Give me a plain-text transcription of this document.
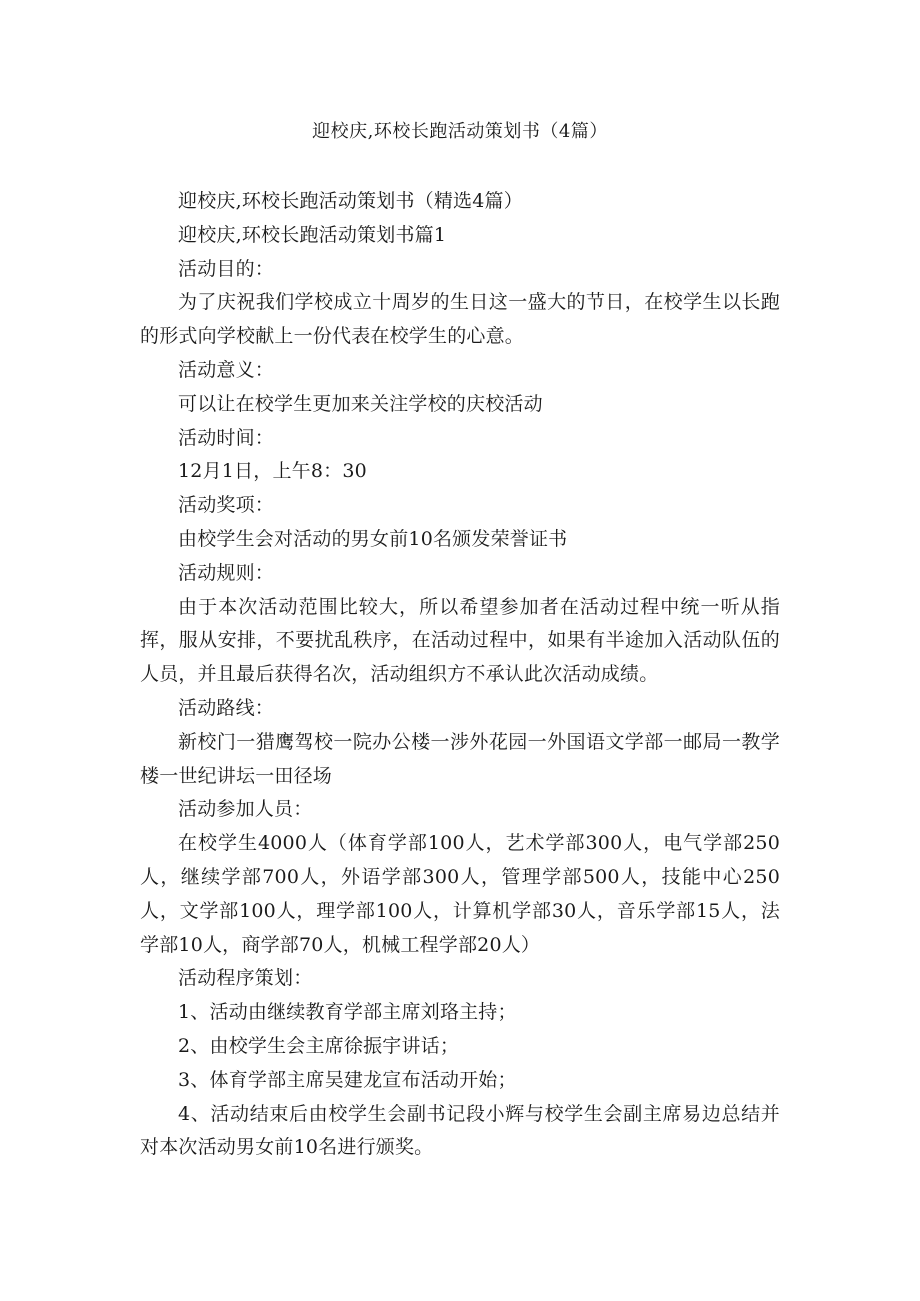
迎校庆,环校长跑活动策划书（4篇）

迎校庆,环校长跑活动策划书（精选4篇）

迎校庆,环校长跑活动策划书篇1

活动目的：

为了庆祝我们学校成立十周岁的生日这一盛大的节日，在校学生以长跑的形式向学校献上一份代表在校学生的心意。

活动意义：

可以让在校学生更加来关注学校的庆校活动

活动时间：

12月1日，上午8：30

活动奖项：

由校学生会对活动的男女前10名颁发荣誉证书

活动规则：

由于本次活动范围比较大，所以希望参加者在活动过程中统一听从指挥，服从安排，不要扰乱秩序，在活动过程中，如果有半途加入活动队伍的人员，并且最后获得名次，活动组织方不承认此次活动成绩。

活动路线：

新校门一猎鹰驾校一院办公楼一涉外花园一外国语文学部一邮局一教学楼一世纪讲坛一田径场

活动参加人员：

在校学生4000人（体育学部100人，艺术学部300人，电气学部250人，继续学部700人，外语学部300人，管理学部500人，技能中心250人，文学部100人，理学部100人，计算机学部30人，音乐学部15人，法学部10人，商学部70人，机械工程学部20人）

活动程序策划：

1、活动由继续教育学部主席刘珞主持；

2、由校学生会主席徐振宇讲话；

3、体育学部主席吴建龙宣布活动开始；

4、活动结束后由校学生会副书记段小辉与校学生会副主席易边总结并对本次活动男女前10名进行颁奖。
